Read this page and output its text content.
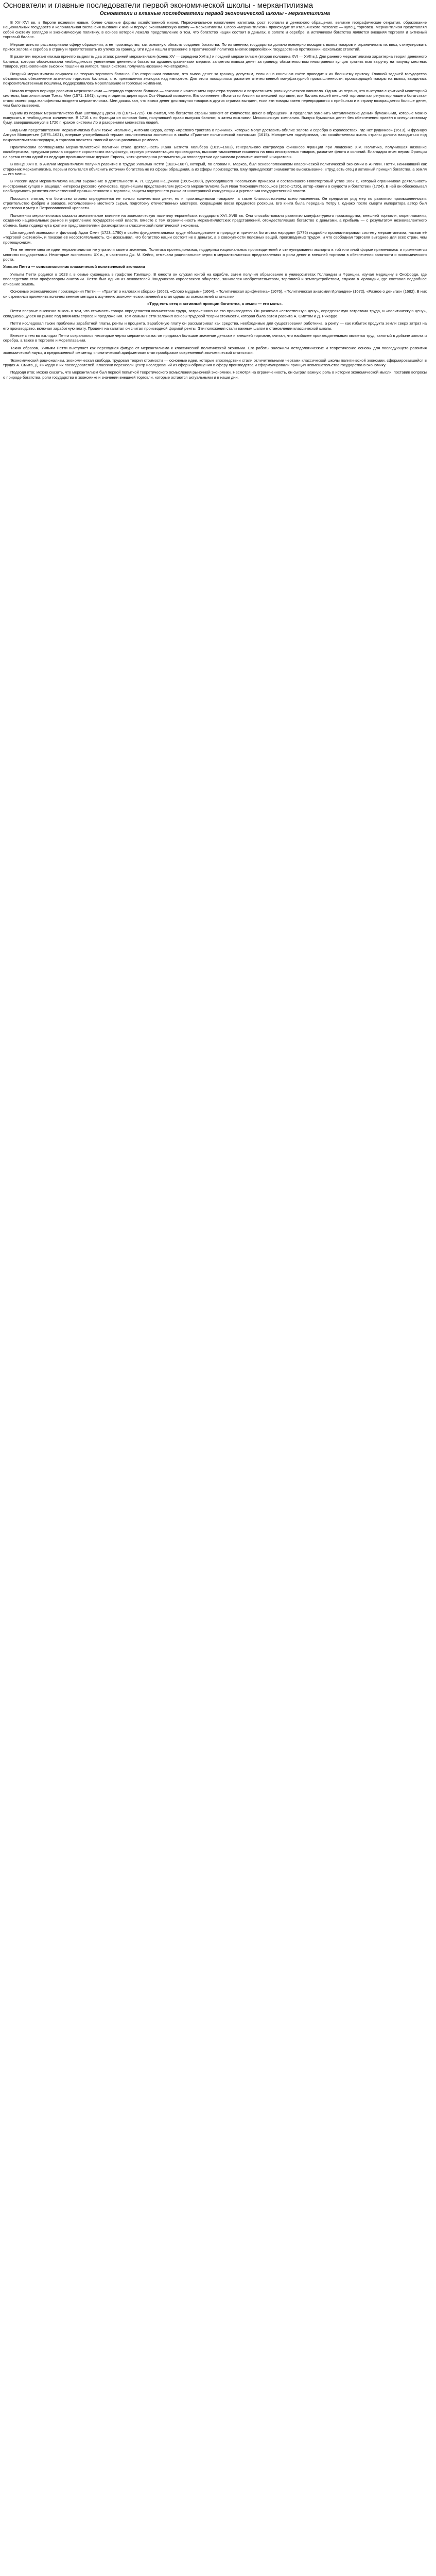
Основатели и главные последователи первой экономической школы - меркантилизма
Основатели и главные последователи первой экономической школы - меркантилизма

В XV–XVI вв. в Европе возникли новые, более сложные формы хозяйственной жизни. Первоначальное накопление капитала, рост торговли и денежного обращения, великие географические открытия, образование национальных государств и колониальная экспансия вызвали к жизни первую экономическую школу — меркантилизм. Слово «меркантилизм» происходит от итальянского mercante — купец, торговец. Меркантилизм представлял собой систему взглядов и экономическую политику, в основе которой лежало представление о том, что богатство нации состоит в деньгах, в золоте и серебре, а источником богатства является внешняя торговля и активный торговый баланс.

Меркантилисты рассматривали сферу обращения, а не производство, как основную область создания богатства. По их мнению, государство должно всемерно поощрять вывоз товаров и ограничивать их ввоз, стимулировать приток золота и серебра в страну и препятствовать их утечке за границу. Эти идеи нашли отражение в практической политике многих европейских государств на протяжении нескольких столетий.

В развитии меркантилизма принято выделять два этапа: ранний меркантилизм (конец XV — середина XVI в.) и поздний меркантилизм (вторая половина XVI — XVII в.). Для раннего меркантилизма характерна теория денежного баланса, которая обосновывала необходимость увеличения денежного богатства административными мерами: запретом вывоза денег за границу, обязательством иностранных купцов тратить всю выручку на покупку местных товаров, установлением высоких пошлин на импорт. Такая система получила название монетаризма.

Поздний меркантилизм опирался на теорию торгового баланса. Его сторонники полагали, что вывоз денег за границу допустим, если он в конечном счёте приводит к их большему притоку. Главной задачей государства объявлялось обеспечение активного торгового баланса, т. е. превышения экспорта над импортом. Для этого поощрялось развитие отечественной мануфактурной промышленности, производящей товары на вывоз, вводились покровительственные пошлины, поддерживалось мореплавание и торговые компании.

Начало второго периода развития меркантилизма — периода торгового баланса — связано с изменением характера торговли и возрастанием роли купеческого капитала. Одним из первых, кто выступил с критикой монетарной системы, был англичанин Томас Мен (1571–1641), купец и один из директоров Ост-Индской компании. Его сочинение «Богатство Англии во внешней торговле, или Баланс нашей внешней торговли как регулятор нашего богатства» стало своего рода манифестом позднего меркантилизма. Мен доказывал, что вывоз денег для покупки товаров в других странах выгоден, если эти товары затем перепродаются с прибылью и в страну возвращается больше денег, чем было вывезено.

Одним из первых меркантилистов был шотландец Джон Ло (1671–1729). Он считал, что богатство страны зависит от количества денег в обращении, и предлагал заменить металлические деньги бумажными, которые можно выпускать в необходимом количестве. В 1716 г. во Франции он основал банк, получивший право выпуска банкнот, а затем возглавил Миссисипскую компанию. Выпуск бумажных денег без обеспечения привёл к спекулятивному буму, завершившемуся в 1720 г. крахом системы Ло и разорением множества людей.

Видными представителями меркантилизма были также итальянец Антонио Серра, автор «Краткого трактата о причинах, которые могут доставить обилие золота и серебра в королевствах, где нет рудников» (1613), и француз Антуан Монкретьен (1575–1621), впервые употребивший термин «политическая экономия» в своём «Трактате политической экономии» (1615). Монкретьен подчёркивал, что хозяйственная жизнь страны должна находиться под покровительством государя, а торговля является главной целью различных ремёсел.

Практическим воплощением меркантилистской политики стала деятельность Жана Батиста Кольбера (1619–1683), генерального контролёра финансов Франции при Людовике XIV. Политика, получившая название кольбертизма, предусматривала создание королевских мануфактур, строгую регламентацию производства, высокие таможенные пошлины на ввоз иностранных товаров, развитие флота и колоний. Благодаря этим мерам Франция на время стала одной из ведущих промышленных держав Европы, хотя чрезмерная регламентация впоследствии сдерживала развитие частной инициативы.

В конце XVII в. в Англии меркантилизм получил развитие в трудах Уильяма Петти (1623–1687), который, по словам К. Маркса, был основоположником классической политической экономии в Англии. Петти, начинавший как сторонник меркантилизма, первым попытался объяснить источник богатства не из сферы обращения, а из сферы производства. Ему принадлежит знаменитое высказывание: «Труд есть отец и активный принцип богатства, а земля — его мать».

В России идеи меркантилизма нашли выражение в деятельности А. Л. Ордина-Нащокина (1605–1680), руководившего Посольским приказом и составившего Новоторговый устав 1667 г., который ограничивал деятельность иностранных купцов и защищал интересы русского купечества. Крупнейшим представителем русского меркантилизма был Иван Тихонович Посошков (1652–1726), автор «Книги о скудости и богатстве» (1724). В ней он обосновывал необходимость развития отечественной промышленности и торговли, защиты внутреннего рынка от иностранной конкуренции и укрепления государственной власти.

Посошков считал, что богатство страны определяется не только количеством денег, но и производимыми товарами, а также благосостоянием всего населения. Он предлагал ряд мер по развитию промышленности: строительство фабрик и заводов, использование местного сырья, подготовку отечественных мастеров, сокращение ввоза предметов роскоши. Его книга была передана Петру I, однако после смерти императора автор был арестован и умер в Петропавловской крепости.

Положения меркантилизма оказали значительное влияние на экономическую политику европейских государств XVI–XVIII вв. Они способствовали развитию мануфактурного производства, внешней торговли, мореплавания, созданию национальных рынков и укреплению государственной власти. Вместе с тем ограниченность меркантилистских представлений, отождествлявших богатство с деньгами, а прибыль — с результатом неэквивалентного обмена, была подвергнута критике представителями физиократии и классической политической экономии.

Шотландский экономист и философ Адам Смит (1723–1790) в своём фундаментальном труде «Исследование о природе и причинах богатства народов» (1776) подробно проанализировал систему меркантилизма, назвав её «торговой системой», и показал её несостоятельность. Он доказывал, что богатство нации состоит не в деньгах, а в совокупности полезных вещей, производимых трудом, и что свободная торговля выгоднее для всех стран, чем протекционизм.

Тем не менее многие идеи меркантилистов не утратили своего значения. Политика протекционизма, поддержки национальных производителей и стимулирования экспорта в той или иной форме применялась и применяется многими государствами. Некоторые экономисты XX в., в частности Дж. М. Кейнс, отмечали рациональное зерно в меркантилистских представлениях о роли денег и внешней торговли в обеспечении занятости и экономического роста.

Уильям Петти — основоположник классической политической экономии

Уильям Петти родился в 1623 г. в семье суконщика в графстве Гэмпшир. В юности он служил юнгой на корабле, затем получил образование в университетах Голландии и Франции, изучал медицину в Оксфорде, где впоследствии стал профессором анатомии. Петти был одним из основателей Лондонского королевского общества, занимался изобретательством, торговлей и землеустройством, служил в Ирландии, где составил подробное описание земель.

Основные экономические произведения Петти — «Трактат о налогах и сборах» (1662), «Слово мудрым» (1664), «Политическая арифметика» (1676), «Политическая анатомия Ирландии» (1672), «Разное о деньгах» (1682). В них он стремился применить количественные методы к изучению экономических явлений и стал одним из основателей статистики.

«Труд есть отец и активный принцип богатства, а земля — его мать».

Петти впервые высказал мысль о том, что стоимость товара определяется количеством труда, затраченного на его производство. Он различал «естественную цену», определяемую затратами труда, и «политическую цену», складывающуюся на рынке под влиянием спроса и предложения. Тем самым Петти заложил основы трудовой теории стоимости, которая была затем развита А. Смитом и Д. Рикардо.

Петти исследовал также проблемы заработной платы, ренты и процента. Заработную плату он рассматривал как средства, необходимые для существования работника, а ренту — как избыток продукта земли сверх затрат на его производство, включая заработную плату. Процент на капитал он считал производной формой ренты. Эти положения стали важным шагом в становлении классической школы.

Вместе с тем во взглядах Петти сохранялись некоторые черты меркантилизма: он придавал большое значение деньгам и внешней торговле, считал, что наиболее производительным является труд, занятый в добыче золота и серебра, а также в торговле и мореплавании.

Таким образом, Уильям Петти выступает как переходная фигура от меркантилизма к классической политической экономии. Его работы заложили методологические и теоретические основы для последующего развития экономической науки, а предложенный им метод «политической арифметики» стал прообразом современной экономической статистики.

Экономический рационализм, экономическая свобода, трудовая теория стоимости — основные идеи, которые впоследствии стали отличительными чертами классической школы политической экономии, сформировавшейся в трудах А. Смита, Д. Рикардо и их последователей. Классики перенесли центр исследований из сферы обращения в сферу производства и сформулировали принцип невмешательства государства в экономику.

Подводя итог, можно сказать, что меркантилизм был первой попыткой теоретического осмысления рыночной экономики. Несмотря на ограниченность, он сыграл важную роль в истории экономической мысли, поставив вопросы о природе богатства, роли государства в экономике и значении внешней торговли, которые остаются актуальными и в наши дни.
